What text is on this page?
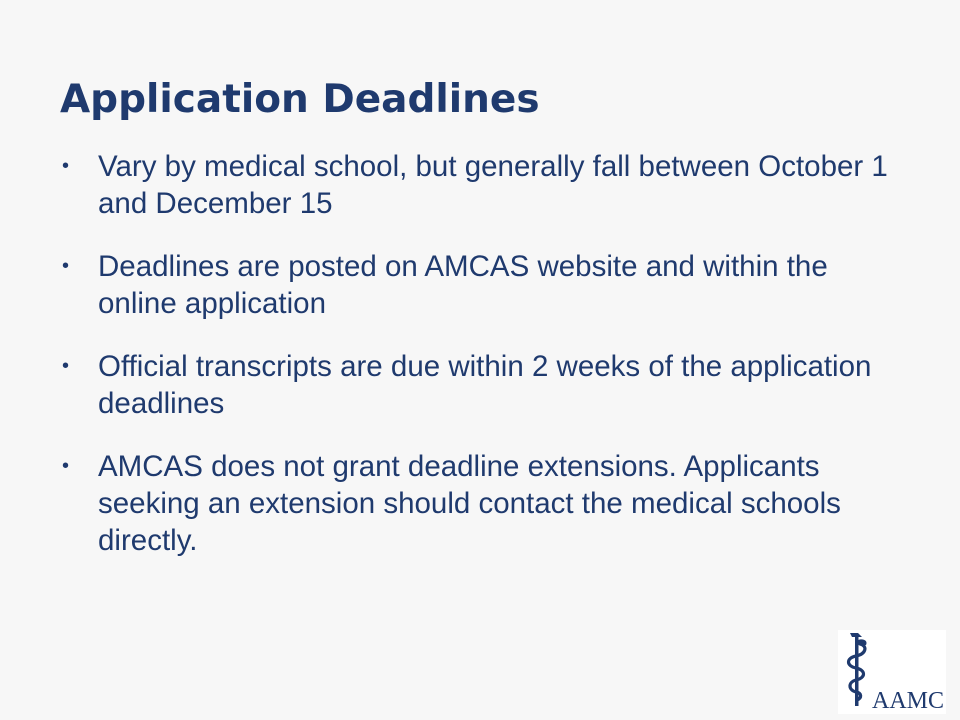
Application Deadlines
• Vary by medical school, but generally fall between October 1 and December 15
• Deadlines are posted on AMCAS website and within the online application
• Official transcripts are due within 2 weeks of the application deadlines
• AMCAS does not grant deadline extensions. Applicants seeking an extension should contact the medical schools directly.
AAMC
